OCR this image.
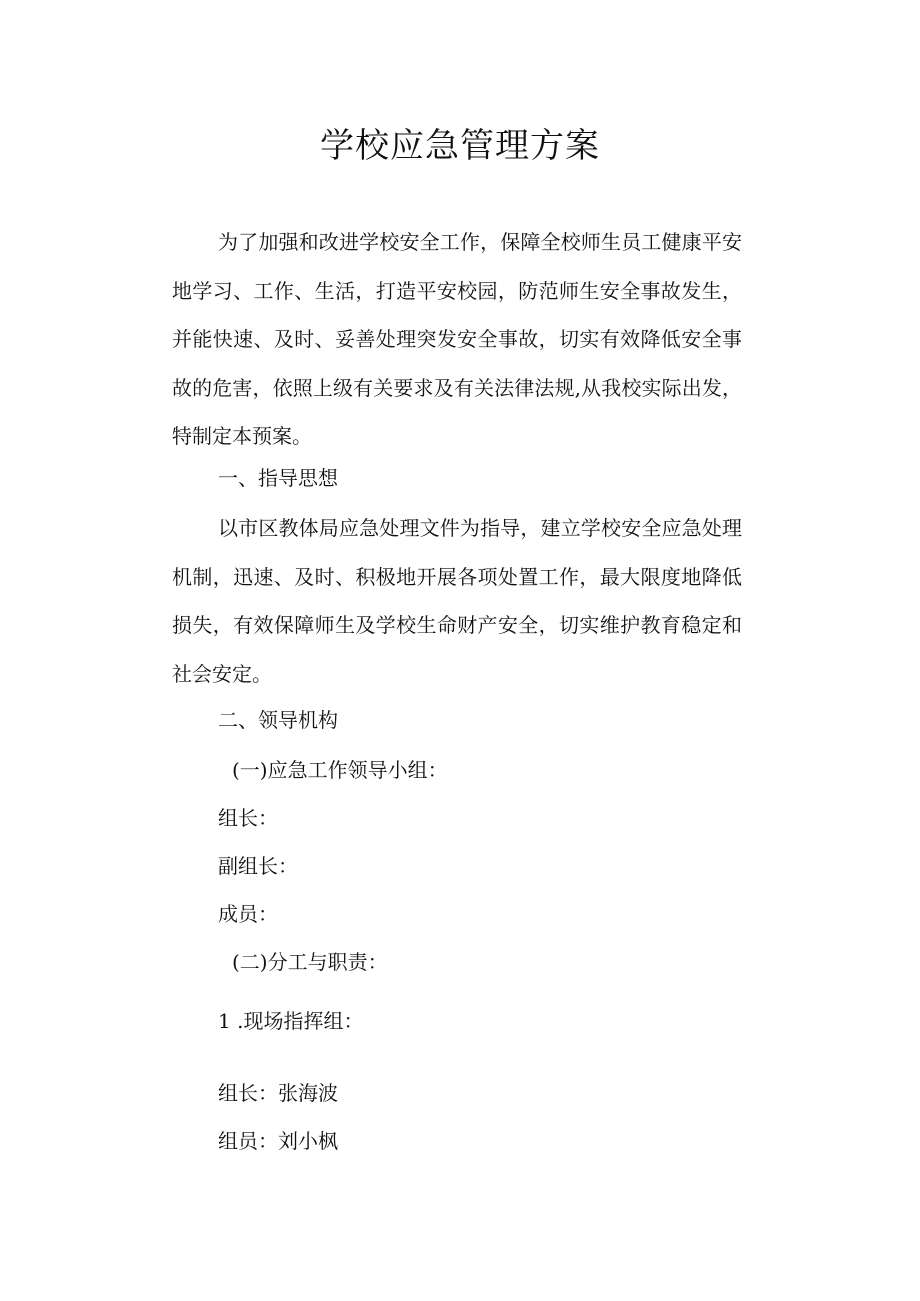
学校应急管理方案

为了加强和改进学校安全工作，保障全校师生员工健康平安地学习、工作、生活，打造平安校园，防范师生安全事故发生，并能快速、及时、妥善处理突发安全事故，切实有效降低安全事故的危害，依照上级有关要求及有关法律法规,从我校实际出发，特制定本预案。

一、指导思想

以市区教体局应急处理文件为指导，建立学校安全应急处理机制，迅速、及时、积极地开展各项处置工作，最大限度地降低损失，有效保障师生及学校生命财产安全，切实维护教育稳定和社会安定。

二、领导机构

(一)应急工作领导小组：

组长：

副组长：

成员：

(二)分工与职责：

1 .现场指挥组：

组长：张海波

组员：刘小枫
